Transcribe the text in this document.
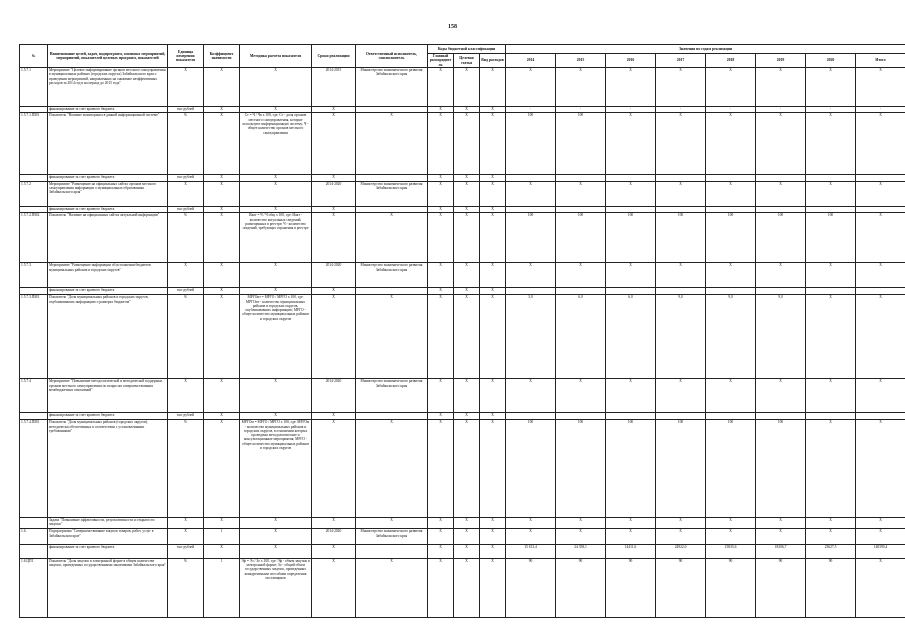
158
№	Наименование целей, задач, подпрограмм, основных мероприятий, мероприятий, показателей целевых программ, показателей	Единица измерения показателя	Коэффициент значимости	Методика расчета показателя	Сроки реализации	Ответственный исполнитель, соисполнитель	Коды бюджетной классификации			Значения по годам реализации							
							Главный распорядитель	Целевая статья	Вид расходов	2014	2015	2016	2017	2018	2019	2020	Итого
1.5.7.1	Мероприятие "Целевое информирование органов местного самоуправления в муниципальных районах (городских округах) Забайкальского края о проведении мероприятий, направленных на снижение неэффективных расходов за 2014 год и на период до 2015 года"	X	X	X	2014-2015	Министерство экономического развития Забайкальского края	X	X	X	X	X	X	X	X	X	X	X
	финансирование за счет краевого бюджета	тыс рублей	X	X	X		X	X	X	-	-	-	-	-	-	-	-
1.5.7.1.ПМ1	Показатель "Наличие мониторинга в данной информационной системе"	%	X	Ст = Ч / Чп х 100, где: Ст - доля органов местного самоуправления, которые используют информационную систему; Ч - общее количество органов местного самоуправления	X	X	X	X	X	100	100	X	X	X	X	X	X
	финансирование за счет краевого бюджета	тыс рублей	X	X	X		X	X	X								
1.5.7.2	Мероприятие "Размещение на официальных сайтах органов местного самоуправления информации о муниципальных образованиях Забайкальского края"	X	X	X	2014-2020	Министерство экономического развития Забайкальского края	X	X	X	X	X	X	X	X	X	X	X
	финансирование за счет краевого бюджета	тыс рублей	X	X	X		X	X	X								
1.5.7.2.ПМ2	Показатель "Наличие на официальных сайтах актуальной информации"	%	X	Иакт = Ч / Ч общ х 100, где: Иакт - количество актуальных сведений, размещенных в реестре; Ч - количество сведений, требующих отражения в реестре	X	X	X	X	X	100	100	100	100	100	100	100	X
1.5.7.3	Мероприятие "Размещение информации об исполнении бюджетов муниципальных районов и городских округов"	X	X	X	2014-2020	Министерство экономического развития Забайкальского края	X	X	X	X	X	X	X	X	X	X	X
	финансирование за счет краевого бюджета	тыс рублей	X	X	X		X	X	X								
1.5.7.3.ПМ1	Показатель "Доля муниципальных районов и городских округов, опубликовавших информацию о размерах бюджетов"	%	X	МРГОит = МРГО / МРГО х 100, где: МРГОит - количество муниципальных районов и городских округов, опубликовавших информацию; МРГО - общее количество муниципальных районов и городских округов	X	X	X	X	X	3,0	6,0	6,0	9,0	9,0	9,0	X	X
1.5.7.4	Мероприятие "Повышение методологической и методической поддержки органов местного самоуправления по вопросам совершенствования межбюджетных отношений"	X	X	X	2014-2020	Министерство экономического развития Забайкальского края	X	X	X	X	X	X	X	X	X	X	X
	финансирование за счет краевого бюджета	тыс рублей	X	X	X		X	X	X								
1.5.7.4.ПМ1	Показатель "Доля муниципальных районов (городских округов), методически обеспеченных в соответствии с установленными требованиями"	%	X	МРГОм = МРГО / МРГО х 100, где: МРГОм - количество муниципальных районов и городских округов, в отношении которых проведены методологические и консультационные мероприятия; МРГО - общее количество муниципальных районов и городских округов	X	X	X	X	X	100	100	100	100	100	100	X	X
	Задача "Повышение эффективности, результативности и открытости закупок"	X	X	X	X	X	X	X	X	X	X	X	X	X	X	X	X
1.6.	Подпрограмма "Совершенствование закупок товаров, работ, услуг в Забайкальском крае"	X	1	X	2014-2020	Министерство экономического развития Забайкальского края	X	X	X	X	X	X	X	X	X	X	X
	финансирование за счет краевого бюджета	тыс рублей	X	X	X		X	X	X	15 613,4	24 358,1	14411,6	24922,0	15835,6	18306,7	23627,5	140390,4
1.6.ЦП1	Показатель "Доля закупок в электронной форме в общем количестве закупок, проведенных государственными заказчиками Забайкальского края"	%	1	Эф = Эз / Зо х 100, где: Эф - объем закупок в электронной форме; Зо - общий объем государственных закупок, проведенных конкурентными способами определения поставщиков	X	X	X	X	X	90	90	90	90	90	90	90	X
